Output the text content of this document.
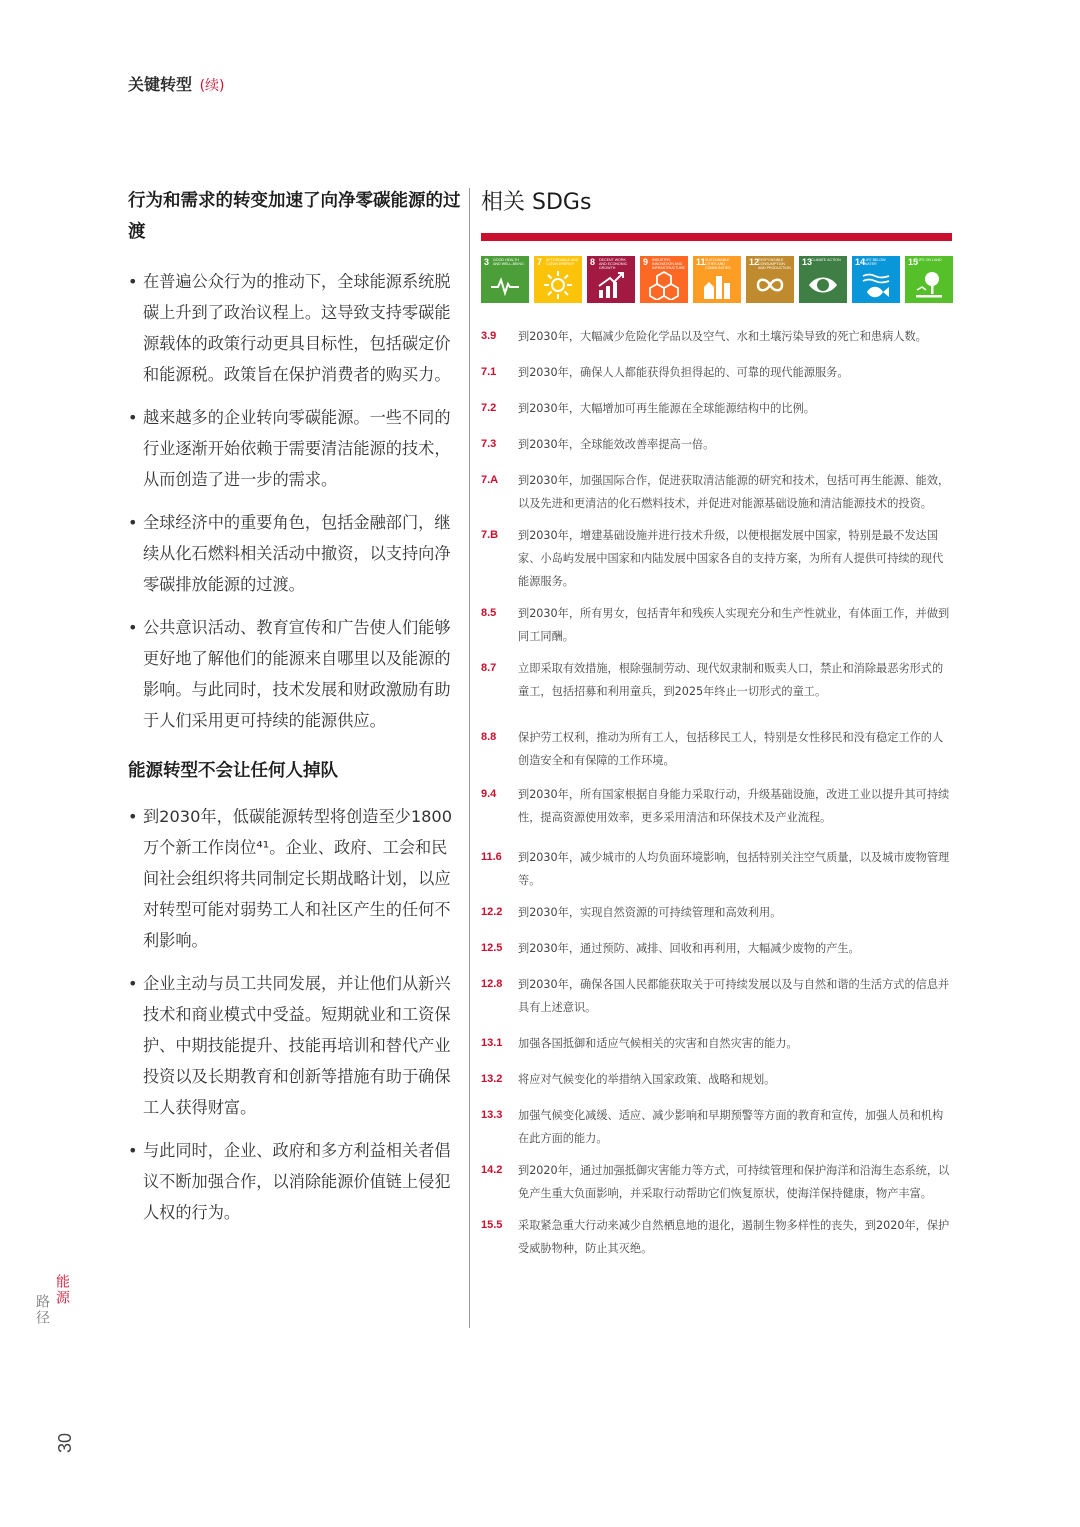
关键转型 (续)
行为和需求的转变加速了向净零碳能源的过渡
• 在普遍公众行为的推动下，全球能源系统脱碳上升到了政治议程上。这导致支持零碳能源载体的政策行动更具目标性，包括碳定价和能源税。政策旨在保护消费者的购买力。
• 越来越多的企业转向零碳能源。一些不同的行业逐渐开始依赖于需要清洁能源的技术，从而创造了进一步的需求。
• 全球经济中的重要角色，包括金融部门，继续从化石燃料相关活动中撤资，以支持向净零碳排放能源的过渡。
• 公共意识活动、教育宣传和广告使人们能够更好地了解他们的能源来自哪里以及能源的影响。与此同时，技术发展和财政激励有助于人们采用更可持续的能源供应。
能源转型不会让任何人掉队
• 到2030年，低碳能源转型将创造至少1800万个新工作岗位⁴¹。企业、政府、工会和民间社会组织将共同制定长期战略计划，以应对转型可能对弱势工人和社区产生的任何不利影响。
• 企业主动与员工共同发展，并让他们从新兴技术和商业模式中受益。短期就业和工资保护、中期技能提升、技能再培训和替代产业投资以及长期教育和创新等措施有助于确保工人获得财富。
• 与此同时，企业、政府和多方利益相关者倡议不断加强合作，以消除能源价值链上侵犯人权的行为。
相关 SDGs
3 GOOD HEALTH AND WELL-BEING	7 AFFORDABLE AND CLEAN ENERGY	8 DECENT WORK AND ECONOMIC GROWTH
9 INDUSTRY, INNOVATION AND INFRASTRUCTURE
11 SUSTAINABLE CITIES AND COMMUNITIES
12
RESPONSIBLE CONSUMPTION AND PRODUCTION
13
CLIMATE ACTION	14
LIFE BELOW WATER	15
LIFE ON LAND
3.9	到2030年，大幅减少危险化学品以及空气、水和土壤污染导致的死亡和患病人数。
7.1	到2030年，确保人人都能获得负担得起的、可靠的现代能源服务。
7.2	到2030年，大幅增加可再生能源在全球能源结构中的比例。
7.3	到2030年，全球能效改善率提高一倍。
7.A	到2030年，加强国际合作，促进获取清洁能源的研究和技术，包括可再生能源、能效，以及先进和更清洁的化石燃料技术，并促进对能源基础设施和清洁能源技术的投资。
7.B	到2030年，增建基础设施并进行技术升级，以便根据发展中国家，特别是最不发达国家、小岛屿发展中国家和内陆发展中国家各自的支持方案，为所有人提供可持续的现代能源服务。
8.5	到2030年，所有男女，包括青年和残疾人实现充分和生产性就业，有体面工作，并做到同工同酬。
8.7	立即采取有效措施，根除强制劳动、现代奴隶制和贩卖人口，禁止和消除最恶劣形式的童工，包括招募和利用童兵，到2025年终止一切形式的童工。
8.8	保护劳工权利，推动为所有工人，包括移民工人，特别是女性移民和没有稳定工作的人创造安全和有保障的工作环境。
9.4	到2030年，所有国家根据自身能力采取行动，升级基础设施，改进工业以提升其可持续性，提高资源使用效率，更多采用清洁和环保技术及产业流程。
11.6	到2030年，减少城市的人均负面环境影响，包括特别关注空气质量，以及城市废物管理等。
12.2	到2030年，实现自然资源的可持续管理和高效利用。
12.5	到2030年，通过预防、减排、回收和再利用，大幅减少废物的产生。
12.8	到2030年，确保各国人民都能获取关于可持续发展以及与自然和谐的生活方式的信息并具有上述意识。
13.1	加强各国抵御和适应气候相关的灾害和自然灾害的能力。
13.2	将应对气候变化的举措纳入国家政策、战略和规划。
13.3	加强气候变化减缓、适应、减少影响和早期预警等方面的教育和宣传，加强人员和机构在此方面的能力。
14.2	到2020年，通过加强抵御灾害能力等方式，可持续管理和保护海洋和沿海生态系统，以免产生重大负面影响，并采取行动帮助它们恢复原状，使海洋保持健康，物产丰富。
15.5	采取紧急重大行动来减少自然栖息地的退化，遏制生物多样性的丧失，到2020年，保护受威胁物种，防止其灭绝。
能源
路径
30
